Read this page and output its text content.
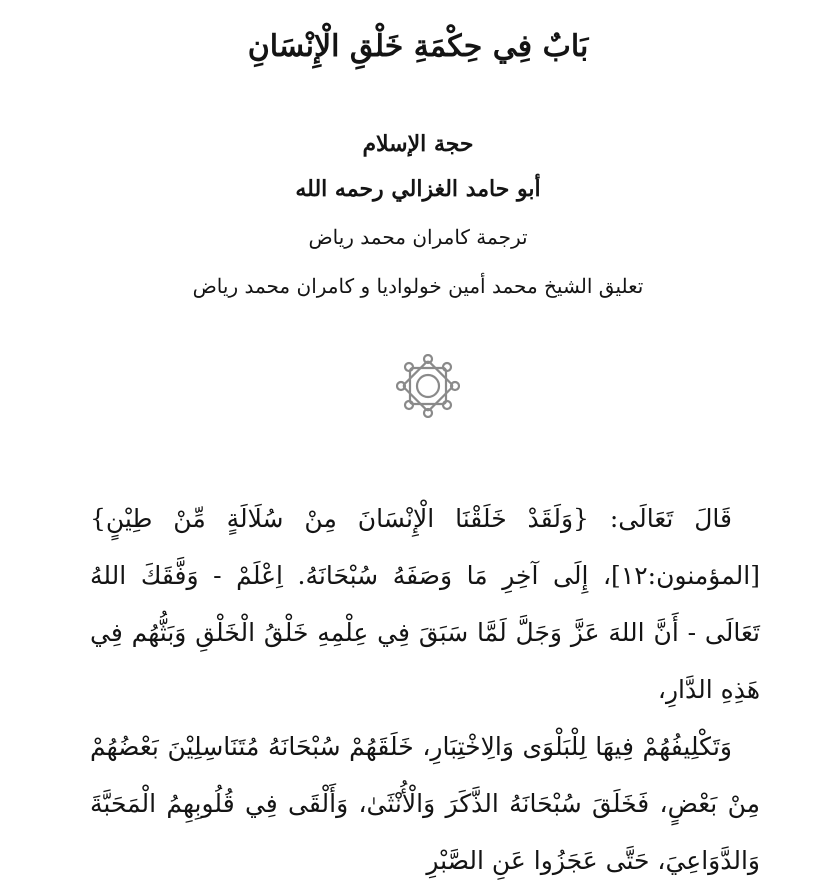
بَابٌ فِي حِكْمَةِ خَلْقِ الْإِنْسَانِ
حجة الإسلام
أبو حامد الغزالي رحمه الله
ترجمة كامران محمد رياض
تعليق الشيخ محمد أمين خولواديا و كامران محمد رياض

قَالَ تَعَالَى: {وَلَقَدْ خَلَقْنَا الْإِنْسَانَ مِنْ سُلَالَةٍ مِّنْ طِيْنٍ} [المؤمنون:١٢]، إِلَى آخِرِ مَا وَصَفَهُ سُبْحَانَهُ. اِعْلَمْ - وَفَّقَكَ اللهُ تَعَالَى - أَنَّ اللهَ عَزَّ وَجَلَّ لَمَّا سَبَقَ فِي عِلْمِهِ خَلْقُ الْخَلْقِ وَبَثُّهُم فِي هَذِهِ الدَّارِ،

وَتَكْلِيفُهُمْ فِيهَا لِلْبَلْوَى وَالِاخْتِبَارِ، خَلَقَهُمْ سُبْحَانَهُ مُتَنَاسِلِيْنَ بَعْضُهُمْ مِنْ بَعْضٍ، فَخَلَقَ سُبْحَانَهُ الذَّكَرَ وَالْأُنْثَىٰ، وَأَلْقَى فِي قُلُوبِهِمُ الْمَحَبَّةَ وَالدَّوَاعِيَ، حَتَّى عَجَزُوا عَنِ الصَّبْرِ
